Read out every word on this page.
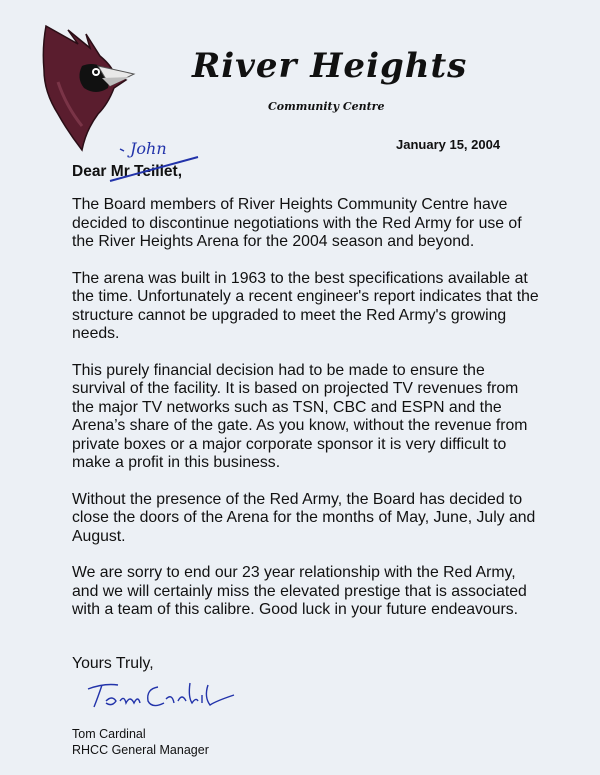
River Heights
Community Centre
January 15, 2004
John
Dear Mr Teillet,

The Board members of River Heights Community Centre have decided to discontinue negotiations with the Red Army for use of the River Heights Arena for the 2004 season and beyond.

The arena was built in 1963 to the best specifications available at the time. Unfortunately a recent engineer's report indicates that the structure cannot be upgraded to meet the Red Army's growing needs.

This purely financial decision had to be made to ensure the survival of the facility. It is based on projected TV revenues from the major TV networks such as TSN, CBC and ESPN and the Arena’s share of the gate. As you know, without the revenue from private boxes or a major corporate sponsor it is very difficult to make a profit in this business.

Without the presence of the Red Army, the Board has decided to close the doors of the Arena for the months of May, June, July and August.

We are sorry to end our 23 year relationship with the Red Army, and we will certainly miss the elevated prestige that is associated with a team of this calibre. Good luck in your future endeavours.

Yours Truly,
Tom Cardinal
RHCC General Manager
